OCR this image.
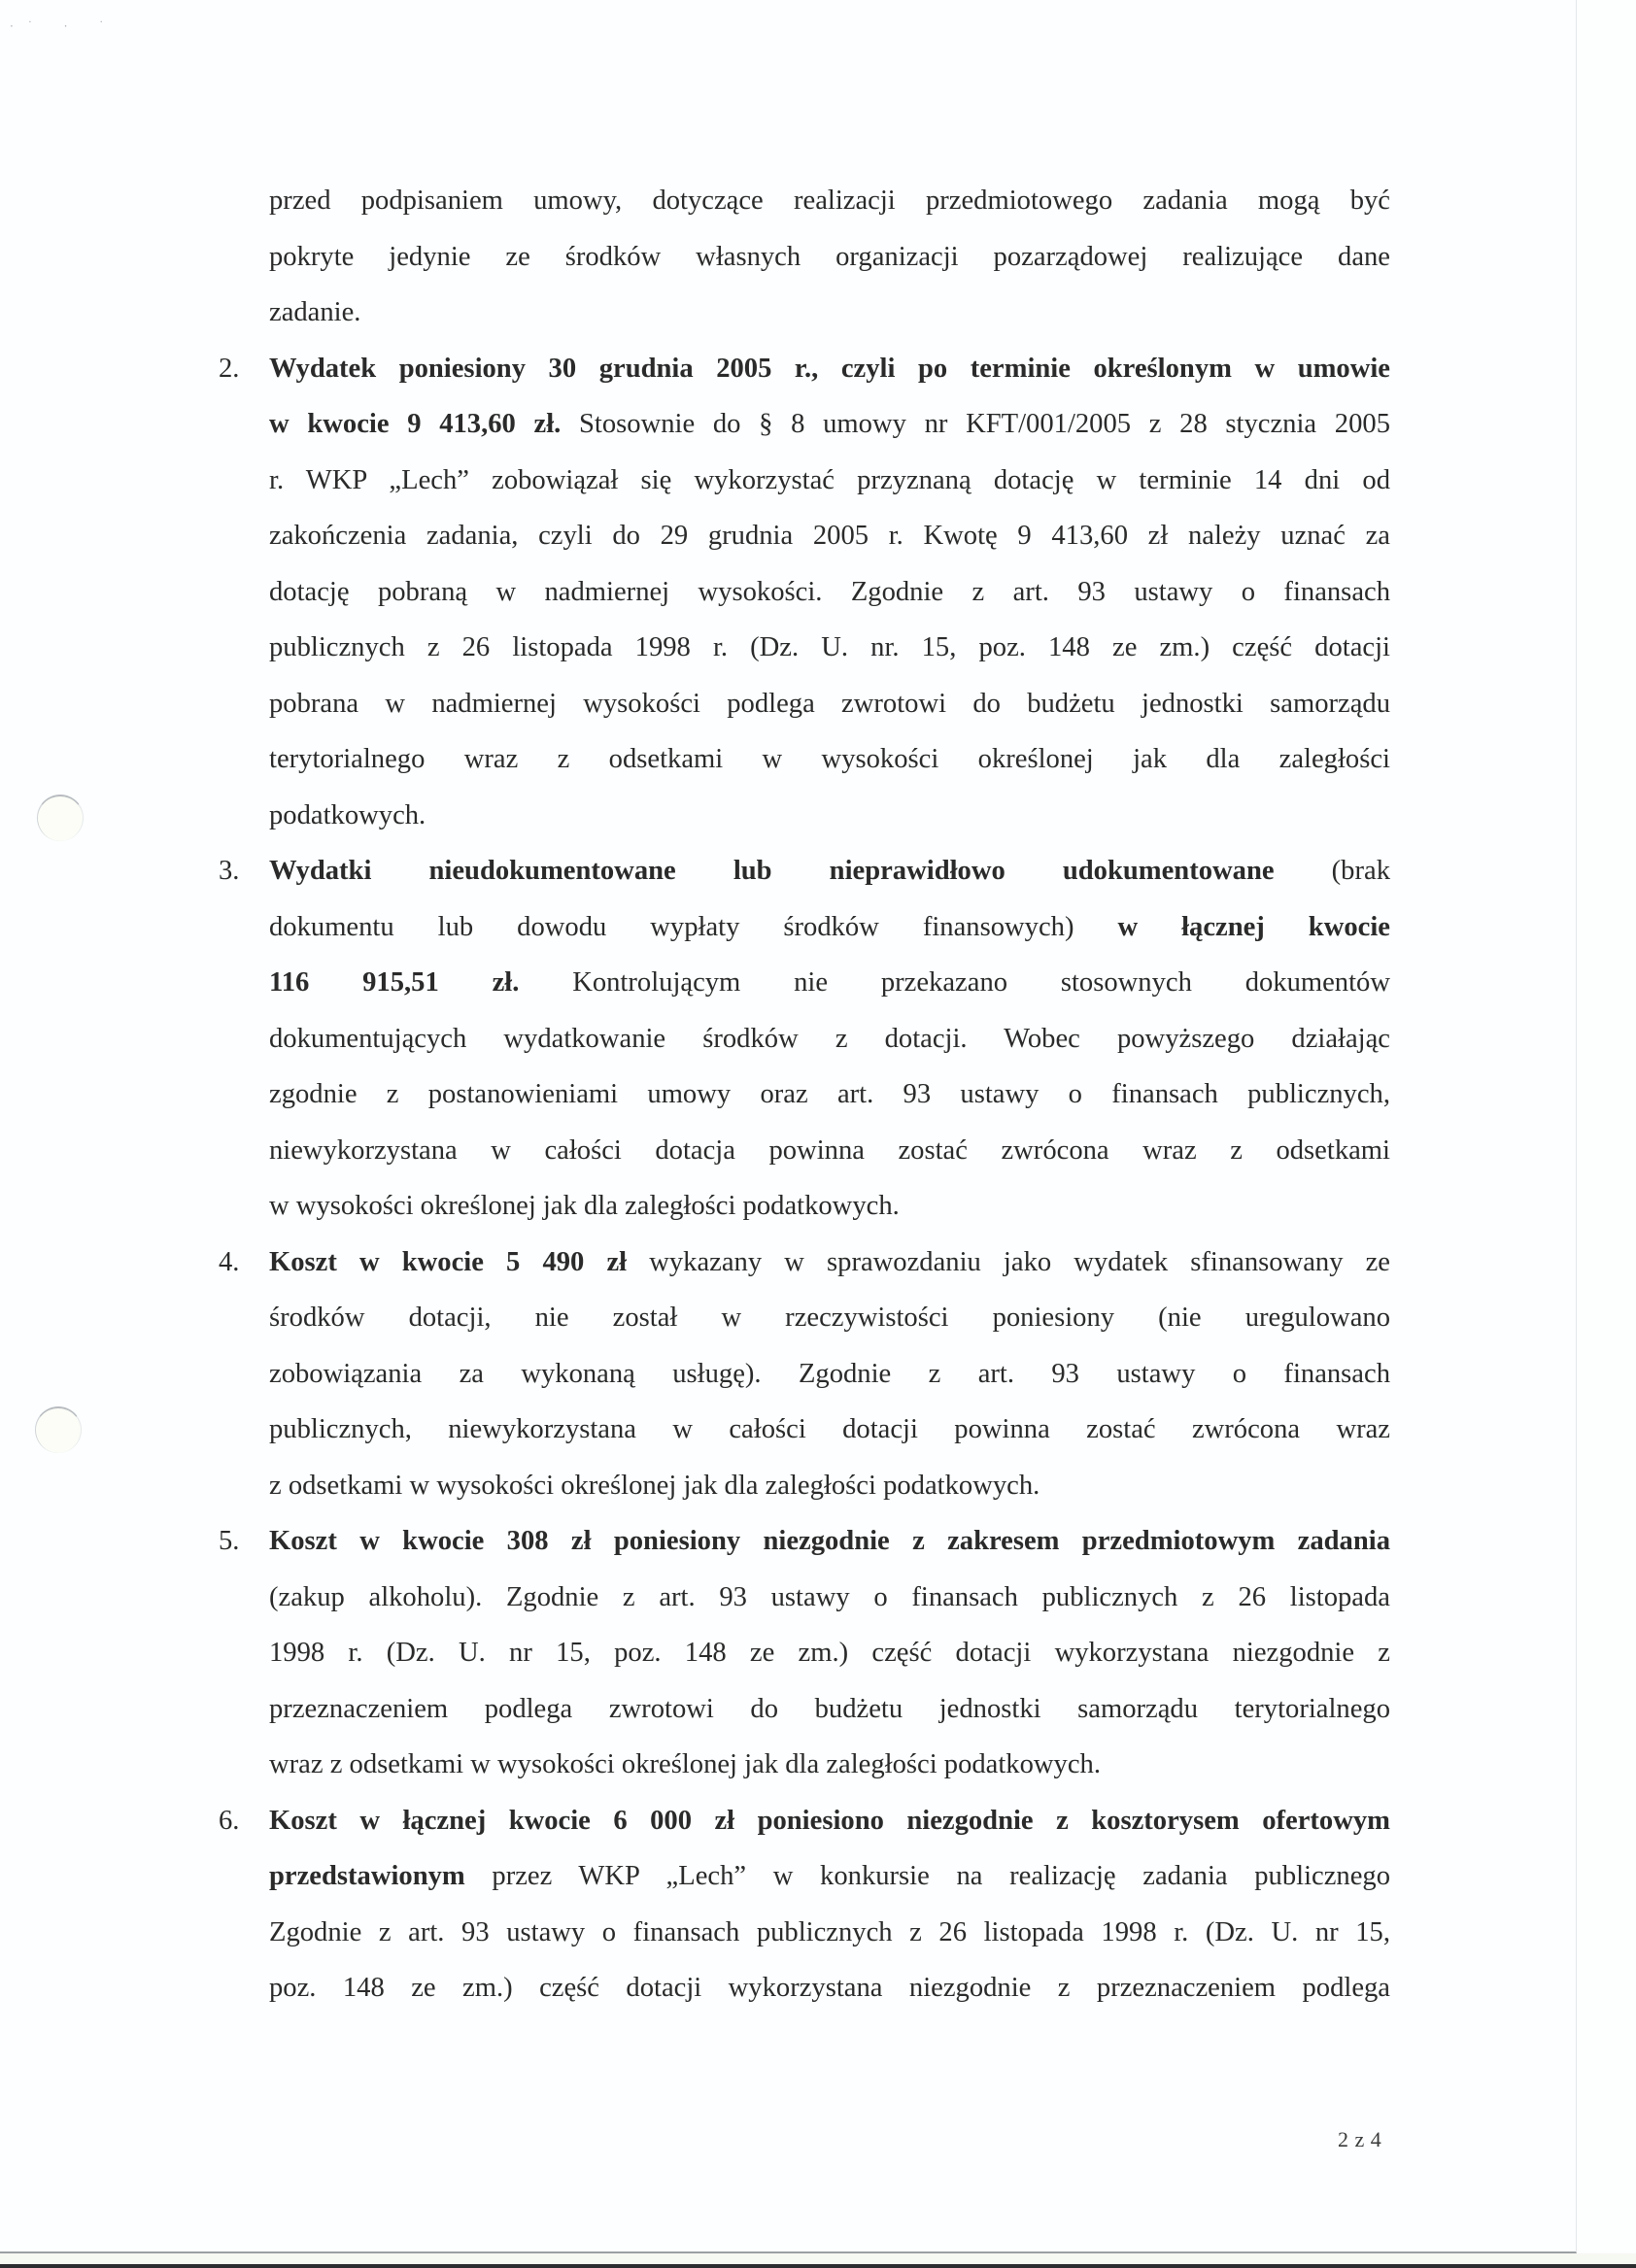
·˙ · ˙
przed podpisaniem umowy, dotyczące realizacji przedmiotowego zadania mogą być
pokryte jedynie ze środków własnych organizacji pozarządowej realizujące dane
zadanie.
2. Wydatek poniesiony 30 grudnia 2005 r., czyli po terminie określonym w umowie
w kwocie 9 413,60 zł. Stosownie do § 8 umowy nr KFT/001/2005 z 28 stycznia 2005
r. WKP „Lech” zobowiązał się wykorzystać przyznaną dotację w terminie 14 dni od
zakończenia zadania, czyli do 29 grudnia 2005 r. Kwotę 9 413,60 zł należy uznać za
dotację pobraną w nadmiernej wysokości. Zgodnie z art. 93 ustawy o finansach
publicznych z 26 listopada 1998 r. (Dz. U. nr. 15, poz. 148 ze zm.) część dotacji
pobrana w nadmiernej wysokości podlega zwrotowi do budżetu jednostki samorządu
terytorialnego wraz z odsetkami w wysokości określonej jak dla zaległości
podatkowych.
3. Wydatki nieudokumentowane lub nieprawidłowo udokumentowane (brak
dokumentu lub dowodu wypłaty środków finansowych) w łącznej kwocie
116 915,51 zł. Kontrolującym nie przekazano stosownych dokumentów
dokumentujących wydatkowanie środków z dotacji. Wobec powyższego działając
zgodnie z postanowieniami umowy oraz art. 93 ustawy o finansach publicznych,
niewykorzystana w całości dotacja powinna zostać zwrócona wraz z odsetkami
w wysokości określonej jak dla zaległości podatkowych.
4. Koszt w kwocie 5 490 zł wykazany w sprawozdaniu jako wydatek sfinansowany ze
środków dotacji, nie został w rzeczywistości poniesiony (nie uregulowano
zobowiązania za wykonaną usługę). Zgodnie z art. 93 ustawy o finansach
publicznych, niewykorzystana w całości dotacji powinna zostać zwrócona wraz
z odsetkami w wysokości określonej jak dla zaległości podatkowych.
5. Koszt w kwocie 308 zł poniesiony niezgodnie z zakresem przedmiotowym zadania
(zakup alkoholu). Zgodnie z art. 93 ustawy o finansach publicznych z 26 listopada
1998 r. (Dz. U. nr 15, poz. 148 ze zm.) część dotacji wykorzystana niezgodnie z
przeznaczeniem podlega zwrotowi do budżetu jednostki samorządu terytorialnego
wraz z odsetkami w wysokości określonej jak dla zaległości podatkowych.
6. Koszt w łącznej kwocie 6 000 zł poniesiono niezgodnie z kosztorysem ofertowym
przedstawionym przez WKP „Lech” w konkursie na realizację zadania publicznego
Zgodnie z art. 93 ustawy o finansach publicznych z 26 listopada 1998 r. (Dz. U. nr 15,
poz. 148 ze zm.) część dotacji wykorzystana niezgodnie z przeznaczeniem podlega
2 z 4
